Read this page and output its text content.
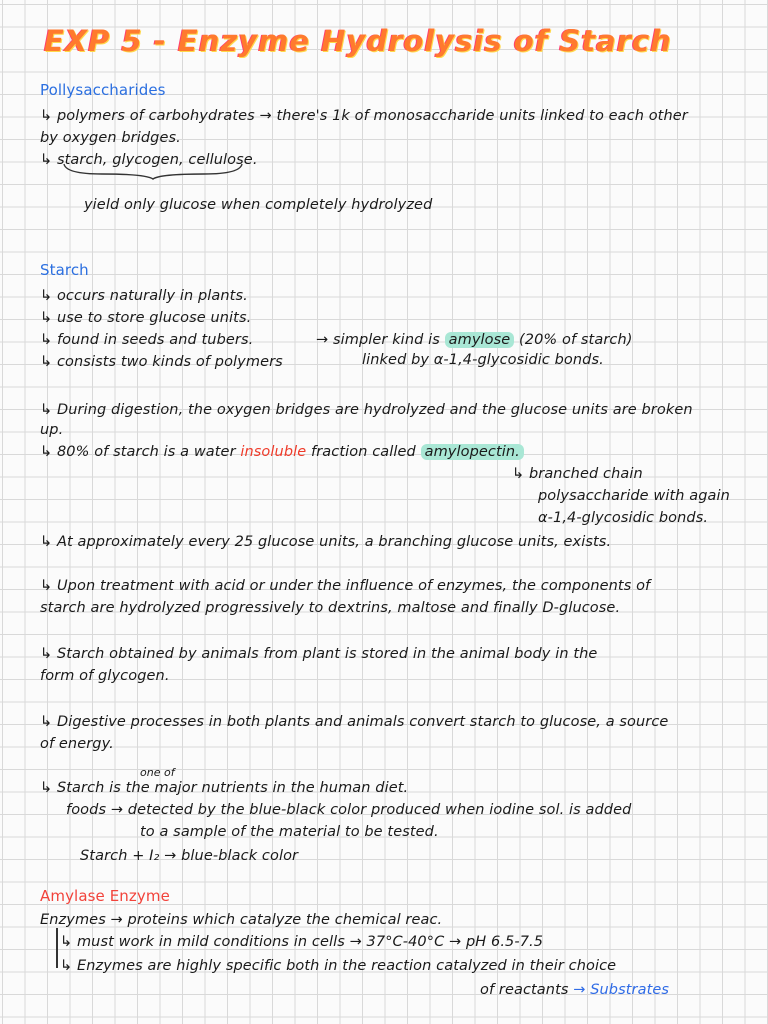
EXP 5 - Enzyme Hydrolysis of Starch
Pollysaccharides
↳ polymers of carbohydrates → there's 1k of monosaccharide units linked to each other
by oxygen bridges.
↳ starch, glycogen, cellulose.
yield only glucose when completely hydrolyzed
Starch
↳ occurs naturally in plants.
↳ use to store glucose units.
↳ found in seeds and tubers.
↳ consists two kinds of polymers
→ simpler kind is amylose (20% of starch)
linked by α-1,4-glycosidic bonds.
↳ During digestion, the oxygen bridges are hydrolyzed and the glucose units are broken
up.
↳ 80% of starch is a water insoluble fraction called amylopectin.
↳ branched chain
polysaccharide with again
α-1,4-glycosidic bonds.
↳ At approximately every 25 glucose units, a branching glucose units, exists.
↳ Upon treatment with acid or under the influence of enzymes, the components of
starch are hydrolyzed progressively to dextrins, maltose and finally D-glucose.
↳ Starch obtained by animals from plant is stored in the animal body in the
form of glycogen.
↳ Digestive processes in both plants and animals convert starch to glucose, a source
of energy.
one of
↳ Starch is the major nutrients in the human diet.
foods → detected by the blue-black color produced when iodine sol. is added
to a sample of the material to be tested.
Starch + I₂ → blue-black color
Amylase Enzyme
Enzymes → proteins which catalyze the chemical reac.
↳ must work in mild conditions in cells → 37°C-40°C → pH 6.5-7.5
↳ Enzymes are highly specific both in the reaction catalyzed in their choice
of reactants → Substrates
